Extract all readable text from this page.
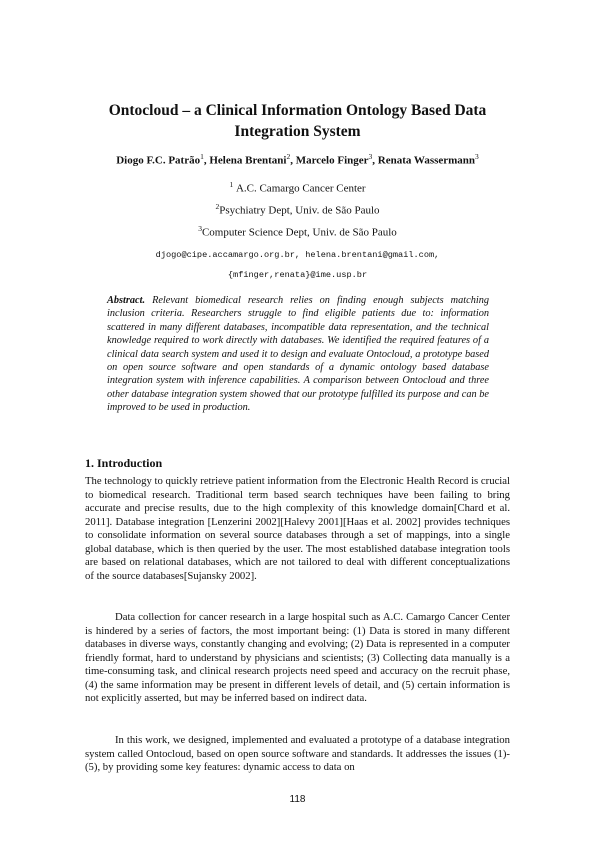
Ontocloud – a Clinical Information Ontology Based Data
Integration System
Diogo F.C. Patrão$^1$, Helena Brentani$^2$, Marcelo Finger$^3$, Renata Wassermann$^3$
$^1$ A.C. Camargo Cancer Center
$^2$Psychiatry Dept, Univ. de São Paulo
$^3$Computer Science Dept, Univ. de São Paulo
djogo@cipe.accamargo.org.br, helena.brentani@gmail.com,
{mfinger,renata}@ime.usp.br
Abstract. Relevant biomedical research relies on finding enough subjects matching inclusion criteria. Researchers struggle to find eligible patients due to: information scattered in many different databases, incompatible data representation, and the technical knowledge required to work directly with databases. We identified the required features of a clinical data search system and used it to design and evaluate Ontocloud, a prototype based on open source software and open standards of a dynamic ontology based database integration system with inference capabilities. A comparison between Ontocloud and three other database integration system showed that our prototype fulfilled its purpose and can be improved to be used in production.
1. Introduction
The technology to quickly retrieve patient information from the Electronic Health Record is crucial to biomedical research. Traditional term based search techniques have been failing to bring accurate and precise results, due to the high complexity of this knowledge domain[Chard et al. 2011]. Database integration [Lenzerini 2002][Halevy 2001][Haas et al. 2002] provides techniques to consolidate information on several source databases through a set of mappings, into a single global database, which is then queried by the user. The most established database integration tools are based on relational databases, which are not tailored to deal with different conceptualizations of the source databases[Sujansky 2002].
Data collection for cancer research in a large hospital such as A.C. Camargo Cancer Center is hindered by a series of factors, the most important being: (1) Data is stored in many different databases in diverse ways, constantly changing and evolving; (2) Data is represented in a computer friendly format, hard to understand by physicians and scientists; (3) Collecting data manually is a time-consuming task, and clinical research projects need speed and accuracy on the recruit phase, (4) the same information may be present in different levels of detail, and (5) certain information is not explicitly asserted, but may be inferred based on indirect data.
In this work, we designed, implemented and evaluated a prototype of a database integration system called Ontocloud, based on open source software and standards. It addresses the issues (1)-(5), by providing some key features: dynamic access to data on
118
